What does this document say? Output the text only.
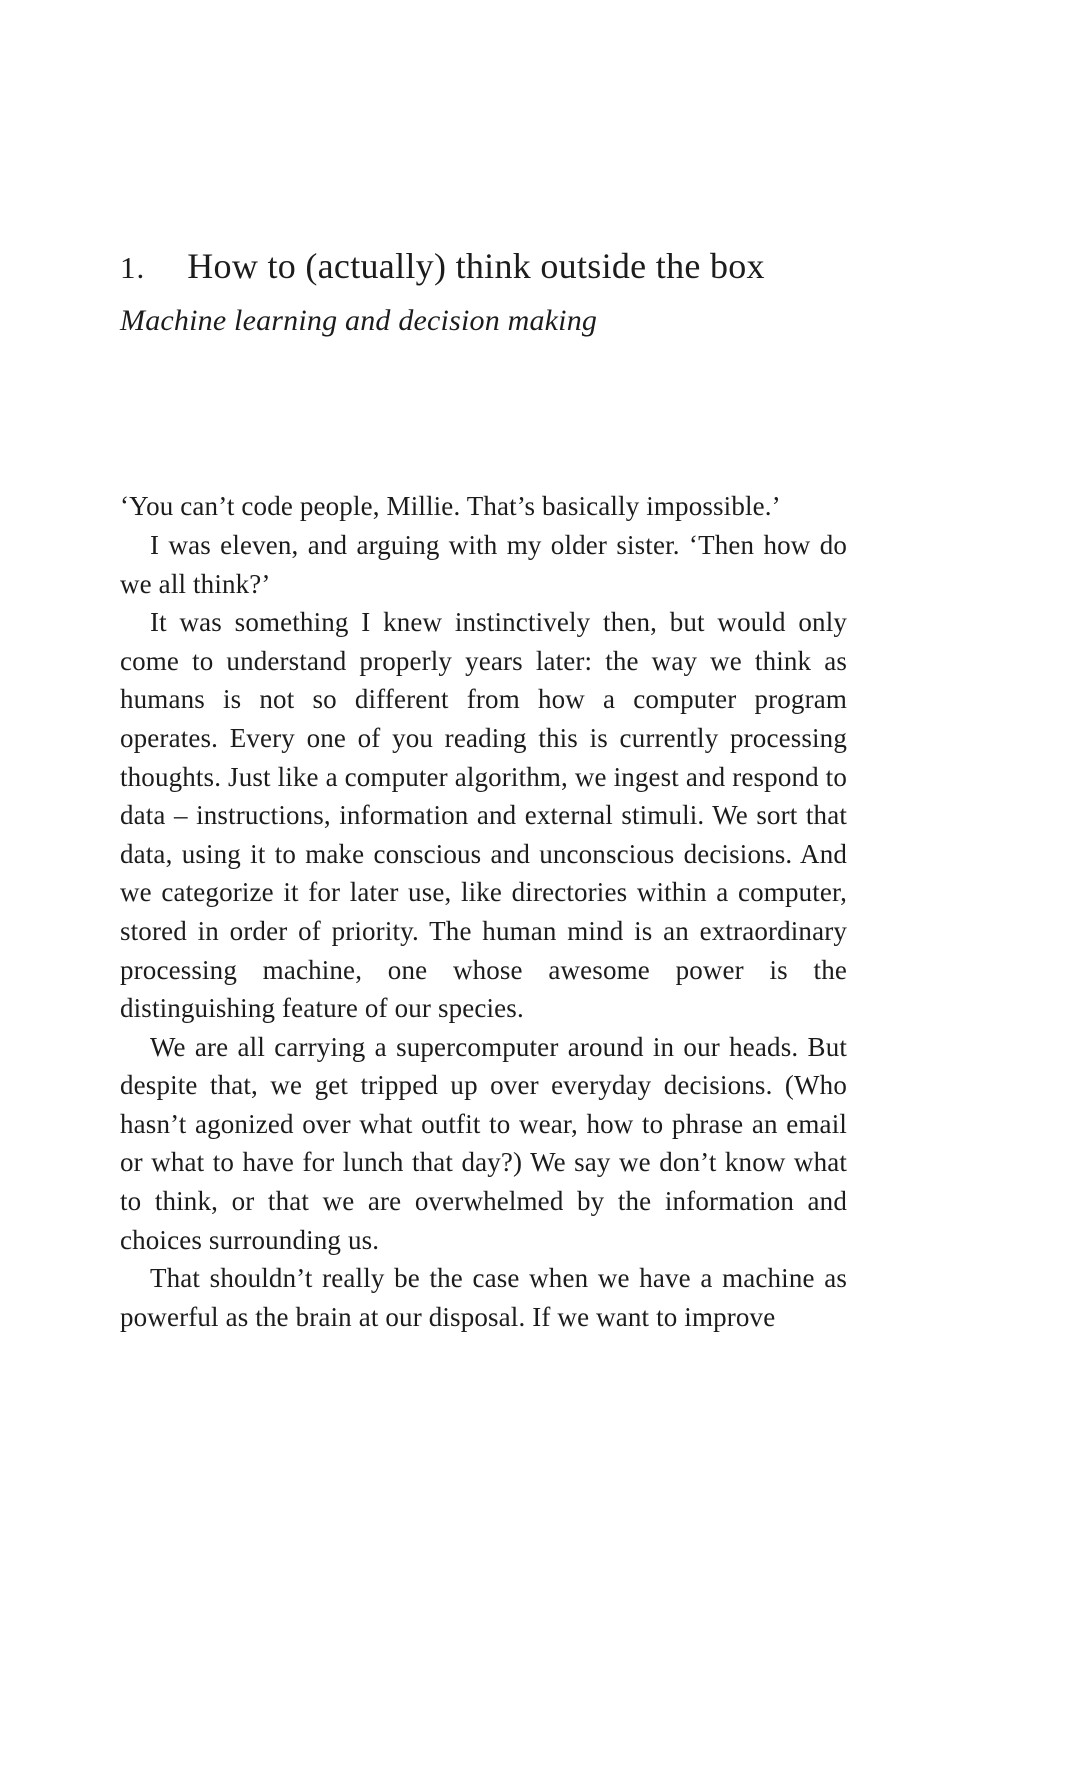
1. How to (actually) think outside the box
Machine learning and decision making

‘You can’t code people, Millie. That’s basically impossible.’

I was eleven, and arguing with my older sister. ‘Then how do we all think?’

It was something I knew instinctively then, but would only come to understand properly years later: the way we think as humans is not so different from how a computer program operates. Every one of you reading this is currently processing thoughts. Just like a computer algorithm, we ingest and respond to data – instructions, information and external stimuli. We sort that data, using it to make conscious and unconscious decisions. And we categorize it for later use, like directories within a computer, stored in order of priority. The human mind is an extraordinary processing machine, one whose awesome power is the distinguishing feature of our species.

We are all carrying a supercomputer around in our heads. But despite that, we get tripped up over everyday decisions. (Who hasn’t agonized over what outfit to wear, how to phrase an email or what to have for lunch that day?) We say we don’t know what to think, or that we are overwhelmed by the information and choices surrounding us.

That shouldn’t really be the case when we have a machine as powerful as the brain at our disposal. If we want to improve
